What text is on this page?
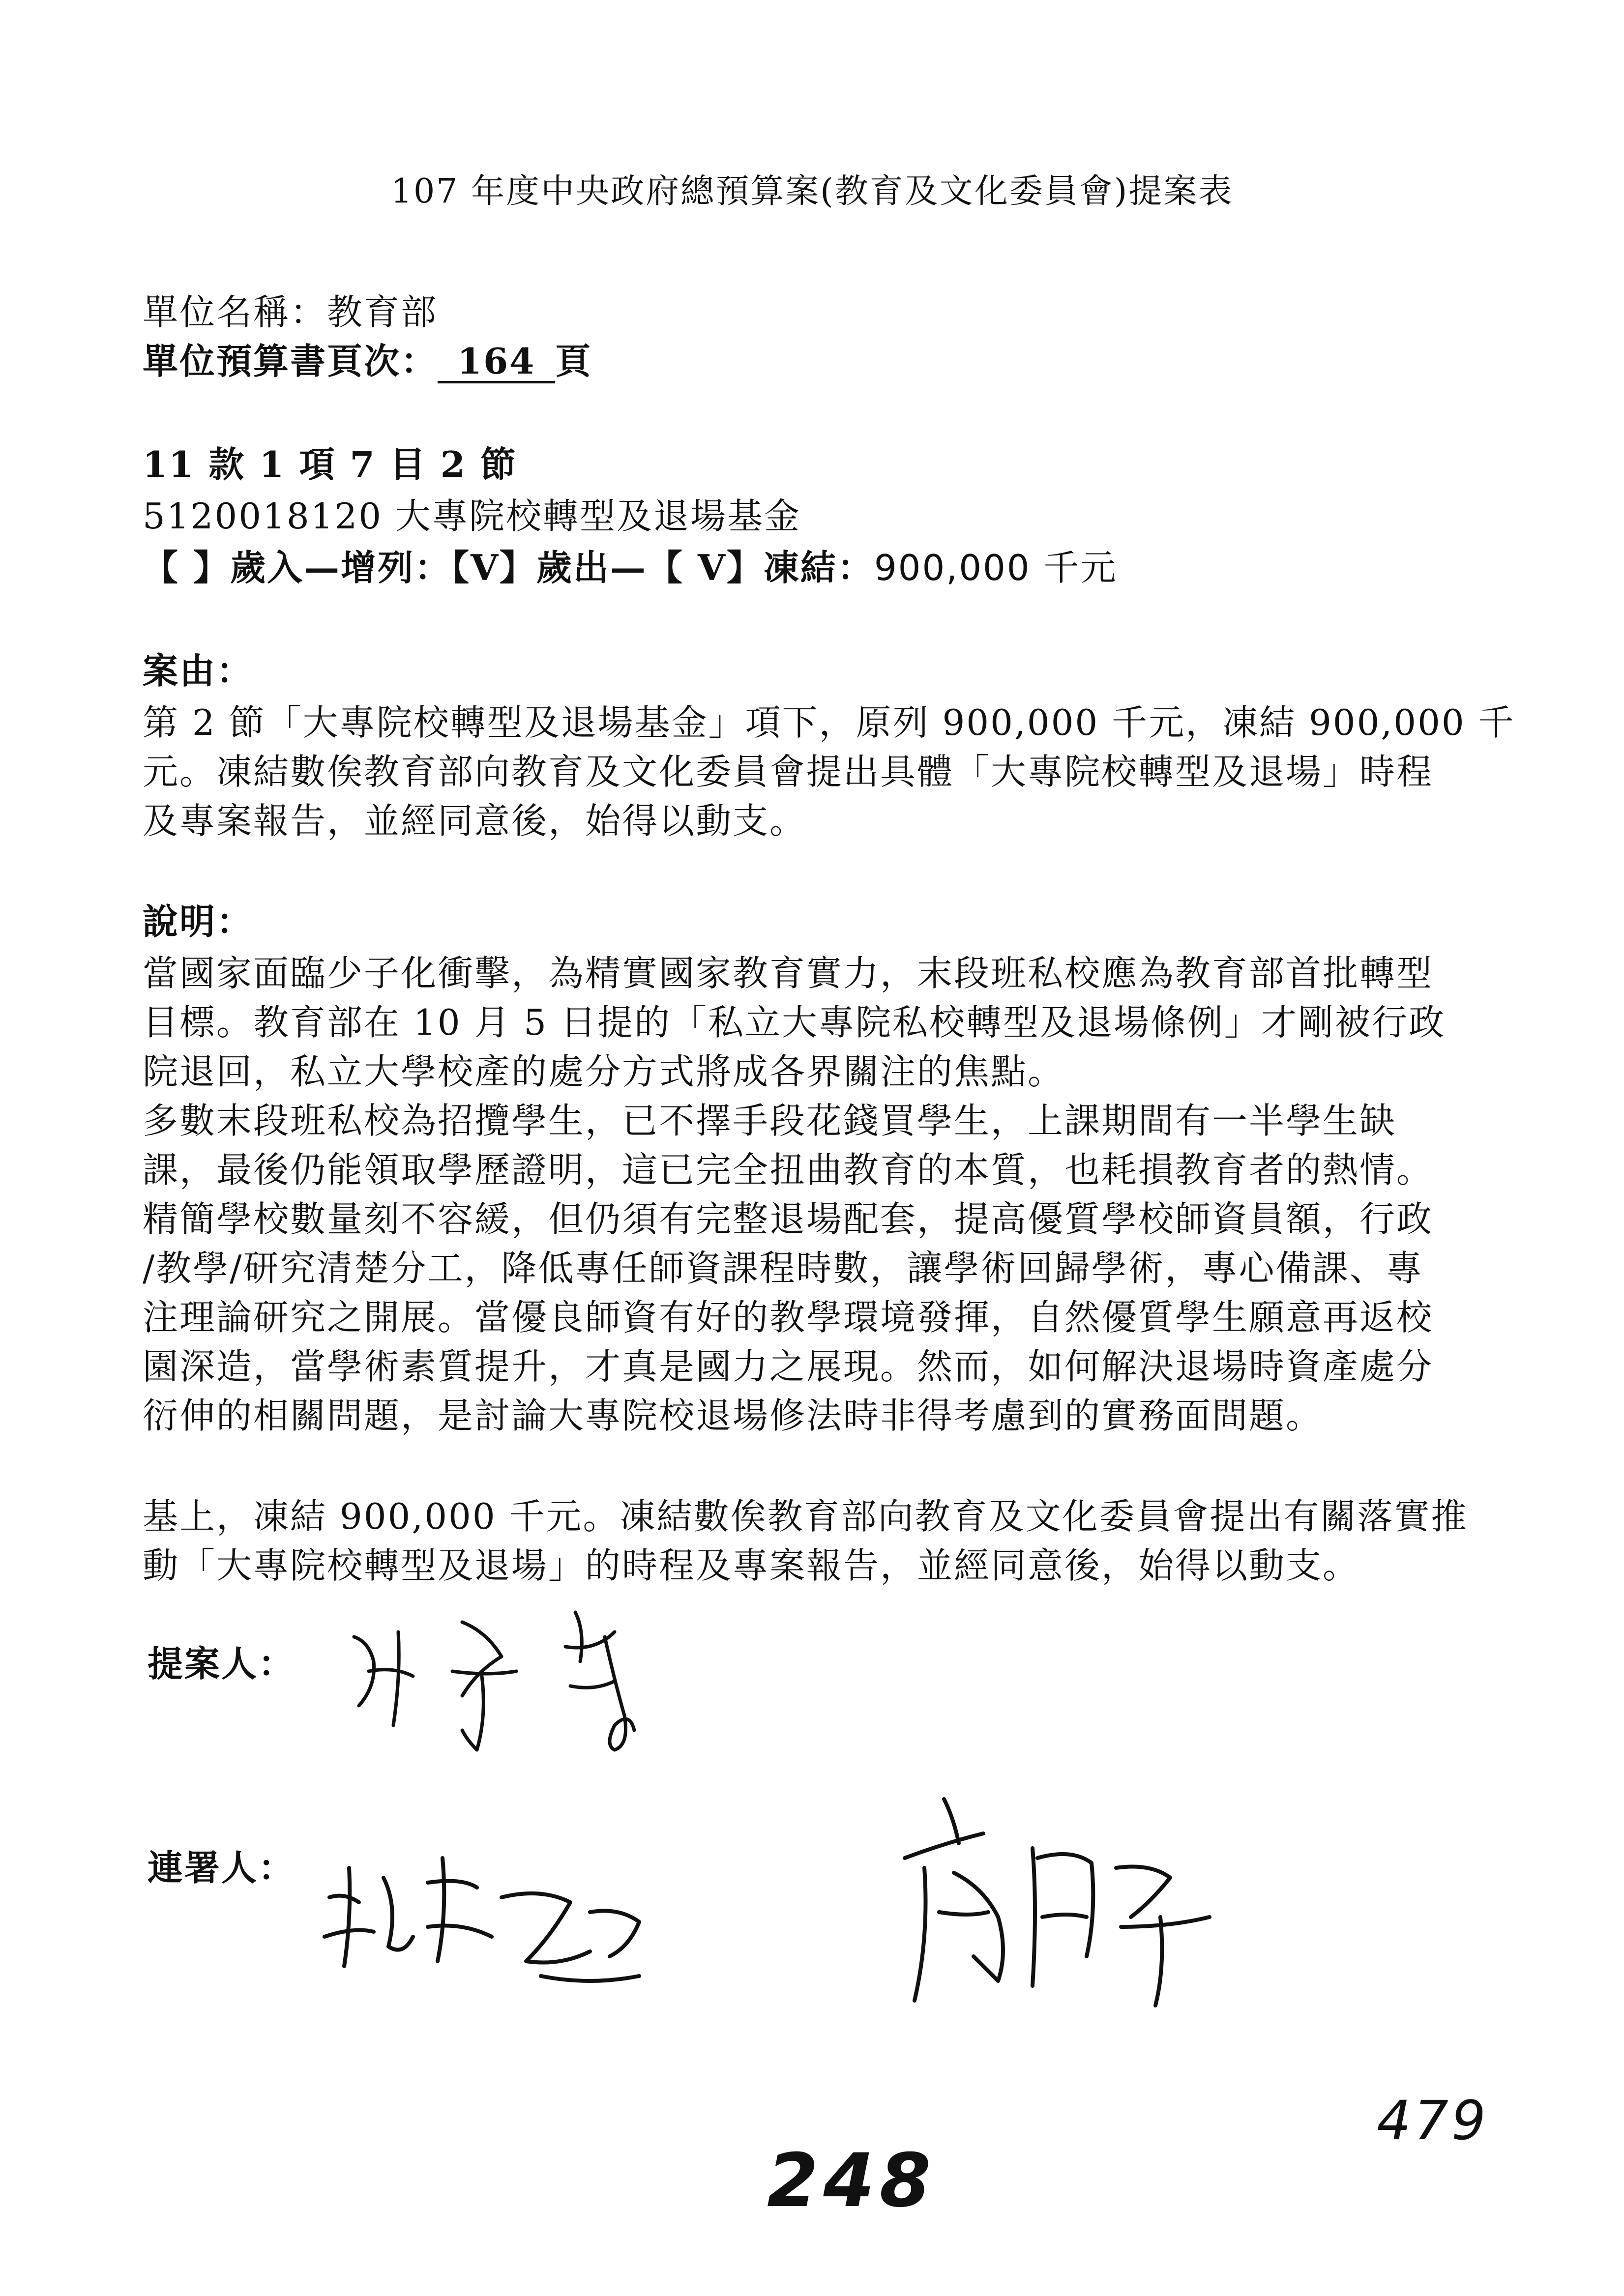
107 年度中央政府總預算案(教育及文化委員會)提案表
單位名稱：教育部
單位預算書頁次： 164 頁
11 款 1 項 7 目 2 節
5120018120 大專院校轉型及退場基金
【 】歲入—增列：【V】歲出—【 V】凍結：900,000 千元
案由：
第 2 節「大專院校轉型及退場基金」項下，原列 900,000 千元，凍結 900,000 千
元。凍結數俟教育部向教育及文化委員會提出具體「大專院校轉型及退場」時程
及專案報告，並經同意後，始得以動支。
說明：
當國家面臨少子化衝擊，為精實國家教育實力，末段班私校應為教育部首批轉型
目標。教育部在 10 月 5 日提的「私立大專院私校轉型及退場條例」才剛被行政
院退回，私立大學校產的處分方式將成各界關注的焦點。
多數末段班私校為招攬學生，已不擇手段花錢買學生，上課期間有一半學生缺
課，最後仍能領取學歷證明，這已完全扭曲教育的本質，也耗損教育者的熱情。
精簡學校數量刻不容緩，但仍須有完整退場配套，提高優質學校師資員額，行政
/教學/研究清楚分工，降低專任師資課程時數，讓學術回歸學術，專心備課、專
注理論研究之開展。當優良師資有好的教學環境發揮，自然優質學生願意再返校
園深造，當學術素質提升，才真是國力之展現。然而，如何解決退場時資產處分
衍伸的相關問題，是討論大專院校退場修法時非得考慮到的實務面問題。
基上，凍結 900,000 千元。凍結數俟教育部向教育及文化委員會提出有關落實推
動「大專院校轉型及退場」的時程及專案報告，並經同意後，始得以動支。
提案人：
連署人：
248
479
